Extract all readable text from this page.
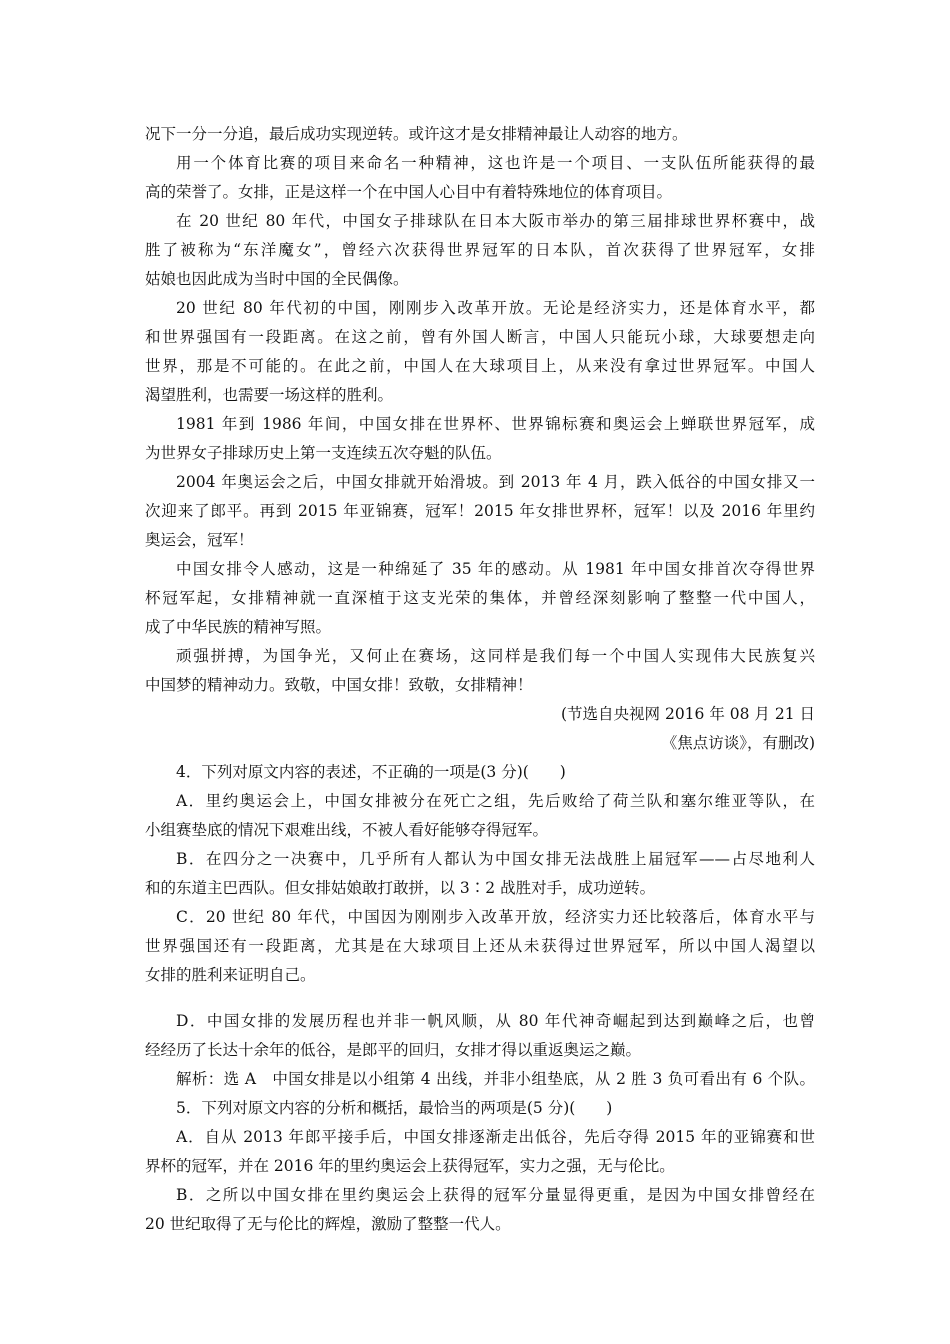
况下一分一分追，最后成功实现逆转。或许这才是女排精神最让人动容的地方。
用一个体育比赛的项目来命名一种精神，这也许是一个项目、一支队伍所能获得的最
高的荣誉了。女排，正是这样一个在中国人心目中有着特殊地位的体育项目。
在 20 世纪 80 年代，中国女子排球队在日本大阪市举办的第三届排球世界杯赛中，战
胜了被称为“东洋魔女”，曾经六次获得世界冠军的日本队，首次获得了世界冠军，女排
姑娘也因此成为当时中国的全民偶像。
20 世纪 80 年代初的中国，刚刚步入改革开放。无论是经济实力，还是体育水平，都
和世界强国有一段距离。在这之前，曾有外国人断言，中国人只能玩小球，大球要想走向
世界，那是不可能的。在此之前，中国人在大球项目上，从来没有拿过世界冠军。中国人
渴望胜利，也需要一场这样的胜利。
1981 年到 1986 年间，中国女排在世界杯、世界锦标赛和奥运会上蝉联世界冠军，成
为世界女子排球历史上第一支连续五次夺魁的队伍。
2004 年奥运会之后，中国女排就开始滑坡。到 2013 年 4 月，跌入低谷的中国女排又一
次迎来了郎平。再到 2015 年亚锦赛，冠军！2015 年女排世界杯，冠军！以及 2016 年里约
奥运会，冠军！
中国女排令人感动，这是一种绵延了 35 年的感动。从 1981 年中国女排首次夺得世界
杯冠军起，女排精神就一直深植于这支光荣的集体，并曾经深刻影响了整整一代中国人，
成了中华民族的精神写照。
顽强拼搏，为国争光，又何止在赛场，这同样是我们每一个中国人实现伟大民族复兴
中国梦的精神动力。致敬，中国女排！致敬，女排精神！
(节选自央视网 2016 年 08 月 21 日
《焦点访谈》，有删改)
4．下列对原文内容的表述，不正确的一项是(3 分)(　　)
A．里约奥运会上，中国女排被分在死亡之组，先后败给了荷兰队和塞尔维亚等队，在
小组赛垫底的情况下艰难出线，不被人看好能够夺得冠军。
B．在四分之一决赛中，几乎所有人都认为中国女排无法战胜上届冠军——占尽地利人
和的东道主巴西队。但女排姑娘敢打敢拼，以 3∶2 战胜对手，成功逆转。
C．20 世纪 80 年代，中国因为刚刚步入改革开放，经济实力还比较落后，体育水平与
世界强国还有一段距离，尤其是在大球项目上还从未获得过世界冠军，所以中国人渴望以
女排的胜利来证明自己。
D．中国女排的发展历程也并非一帆风顺，从 80 年代神奇崛起到达到巅峰之后，也曾
经经历了长达十余年的低谷，是郎平的回归，女排才得以重返奥运之巅。
解析：选 A　中国女排是以小组第 4 出线，并非小组垫底，从 2 胜 3 负可看出有 6 个队。
5．下列对原文内容的分析和概括，最恰当的两项是(5 分)(　　)
A．自从 2013 年郎平接手后，中国女排逐渐走出低谷，先后夺得 2015 年的亚锦赛和世
界杯的冠军，并在 2016 年的里约奥运会上获得冠军，实力之强，无与伦比。
B．之所以中国女排在里约奥运会上获得的冠军分量显得更重，是因为中国女排曾经在
20 世纪取得了无与伦比的辉煌，激励了整整一代人。
